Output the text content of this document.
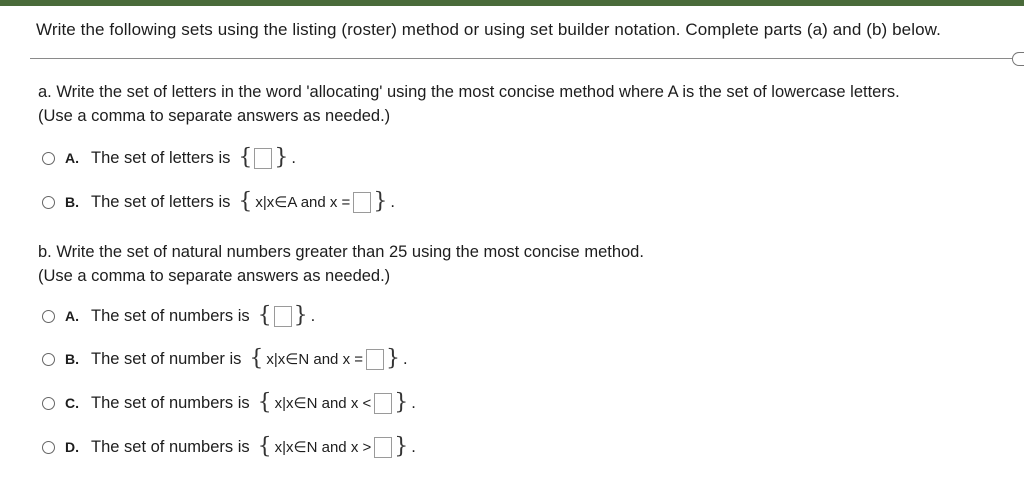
Write the following sets using the listing (roster) method or using set builder notation. Complete parts (a) and (b) below.
a. Write the set of letters in the word 'allocating' using the most concise method where A is the set of lowercase letters.
(Use a comma to separate answers as needed.)
A. The set of letters is { } .
B. The set of letters is { x|x∈A and x = } .
b. Write the set of natural numbers greater than 25 using the most concise method.
(Use a comma to separate answers as needed.)
A. The set of numbers is { } .
B. The set of number is { x|x∈N and x = } .
C. The set of numbers is { x|x∈N and x < } .
D. The set of numbers is { x|x∈N and x > } .
